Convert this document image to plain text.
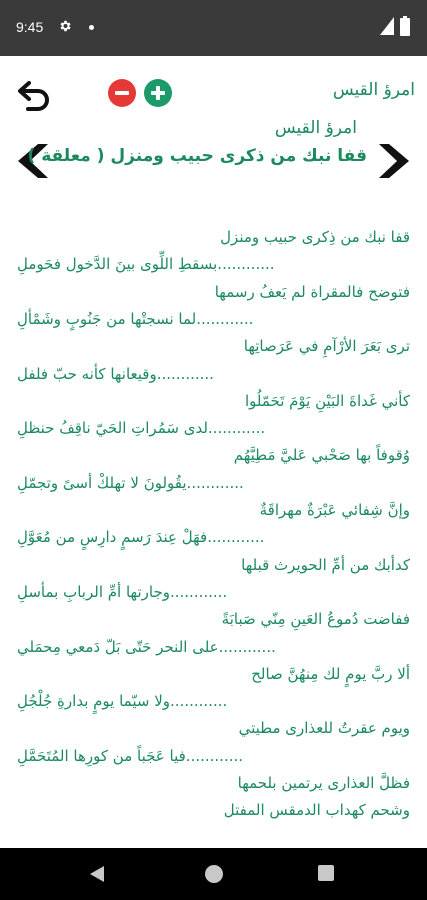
9:45
امرؤ القيس
امرؤ القيس
قفا نبك من ذكرى حبيب ومنزل ( معلقة )
قفا نبك من ذِكرى حبيب ومنزل
بسقطِ اللِّوى بينَ الدَّخول فحَوملِ............
فتوضح فالمقراة لم يَعفُ رسمها
لما نسجتْها من جَنُوبٍ وشَمْألِ............
ترى بَعَرَ الأرْآمِ في عَرَصاتِها
وقيعانها كأنه حبّ فلفل............
كأني غَداةَ البَيْنِ يَوْمَ تَحَمّلُوا
لدى سَمُراتِ الحَيّ ناقِفُ حنظلِ............
وُقوفاً بها صَحْبي عَليَّ مَطِيَّهُم
يقُولونَ لا تهلكْ أسىً وتجمّلِ............
وإنَّ شِفائي عَبْرَةٌ مهراقَةٌ
فهَلْ عِندَ رَسمٍ دارِسٍ من مُعَوَّلِ............
كدأبك من أمِّ الحويرث قبلها
وجارتها أمِّ الربابِ بمأسلِ............
ففاضت دُموعُ العَينِ مِنّي صَبابَةً
على النحر حَتّى بَلّ دَمعي مِحمَلي............
ألا ربَّ يومٍ لك مِنهُنَّ صالح
ولا سيّما يومٍ بدارةِ جُلْجُلِ............
ويوم عقرتُ للعذارى مطيتي
فيا عَجَباً من كورِها المُتَحَمَّلِ............
فظلَّ العذارى يرتمين بلحمها
وشحم كهداب الدمقس المفتل
